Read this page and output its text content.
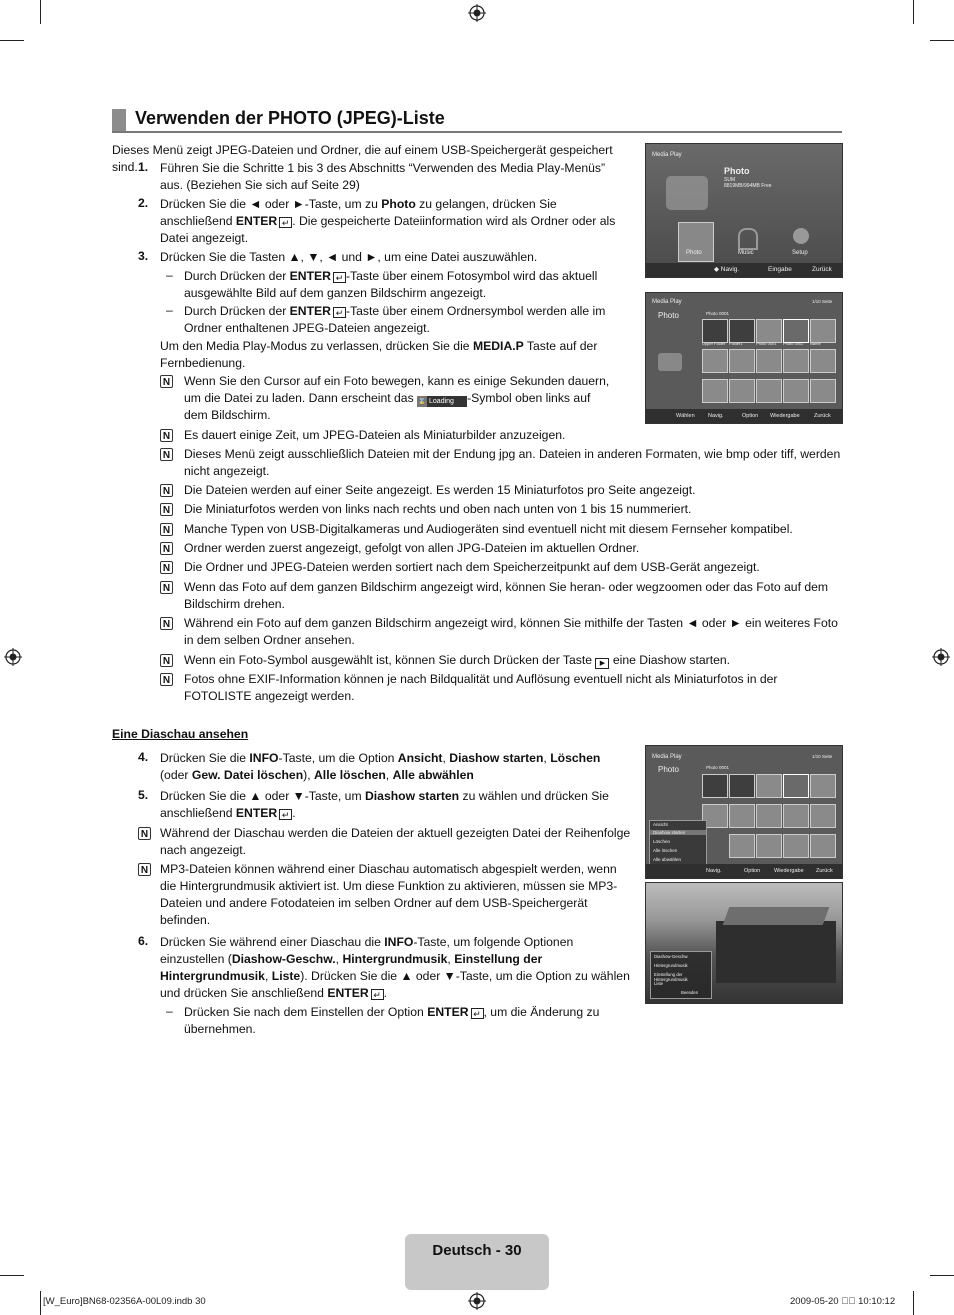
Verwenden der PHOTO (JPEG)-Liste
Dieses Menü zeigt JPEG-Dateien und Ordner, die auf einem USB-Speichergerät gespeichert sind. 1. Führen Sie die Schritte 1 bis 3 des Abschnitts “Verwenden des Media Play-Menüs” aus. (Beziehen Sie sich auf Seite 29)
2. Drücken Sie die ◄ oder ►-Taste, um zu Photo zu gelangen, drücken Sie anschließend ENTER ↵ . Die gespeicherte Dateiinformation wird als Ordner oder als Datei angezeigt.
3. Drücken Sie die Tasten ▲, ▼, ◄ und ►, um eine Datei auszuwählen.
– Durch Drücken der ENTER ↵ -Taste über einem Fotosymbol wird das aktuell ausgewählte Bild auf dem ganzen Bildschirm angezeigt.
– Durch Drücken der ENTER ↵ -Taste über einem Ordnersymbol werden alle im Ordner enthaltenen JPEG-Dateien angezeigt.
Um den Media Play-Modus zu verlassen, drücken Sie die MEDIA.P Taste auf der Fernbedienung.
N Wenn Sie den Cursor auf ein Foto bewegen, kann es einige Sekunden dauern, um die Datei zu laden. Dann erscheint das ⌛ Loading -Symbol oben links auf
dem Bildschirm.
N Es dauert einige Zeit, um JPEG-Dateien als Miniaturbilder anzuzeigen.
N Dieses Menü zeigt ausschließlich Dateien mit der Endung jpg an. Dateien in anderen Formaten, wie bmp oder tiff, werden nicht angezeigt.
N Die Dateien werden auf einer Seite angezeigt. Es werden 15 Miniaturfotos pro Seite angezeigt.
N Die Miniaturfotos werden von links nach rechts und oben nach unten von 1 bis 15 nummeriert.
N Manche Typen von USB-Digitalkameras und Audiogeräten sind eventuell nicht mit diesem Fernseher kompatibel.
N Ordner werden zuerst angezeigt, gefolgt von allen JPG-Dateien im aktuellen Ordner.
N Die Ordner und JPEG-Dateien werden sortiert nach dem Speicherzeitpunkt auf dem USB-Gerät angezeigt.
N Wenn das Foto auf dem ganzen Bildschirm angezeigt wird, können Sie heran- oder wegzoomen oder das Foto auf dem Bildschirm drehen.
N Während ein Foto auf dem ganzen Bildschirm angezeigt wird, können Sie mithilfe der Tasten ◄ oder ► ein weiteres Foto in dem selben Ordner ansehen.
N Wenn ein Foto-Symbol ausgewählt ist, können Sie durch Drücken der Taste ▶ eine Diashow starten.
N Fotos ohne EXIF-Information können je nach Bildqualität und Auflösung eventuell nicht als Miniaturfotos in der FOTOLISTE angezeigt werden.
Eine Diaschau ansehen
4. Drücken Sie die INFO-Taste, um die Option Ansicht, Diashow starten, Löschen
(oder Gew. Datei löschen), Alle löschen, Alle abwählen
5. Drücken Sie die ▲ oder ▼-Taste, um Diashow starten zu wählen und drücken Sie anschließend ENTER ↵ .
N Während der Diaschau werden die Dateien der aktuell gezeigten Datei der Reihenfolge nach angezeigt.
N MP3-Dateien können während einer Diaschau automatisch abgespielt werden, wenn die Hintergrundmusik aktiviert ist. Um diese Funktion zu aktivieren, müssen sie MP3-Dateien und andere Fotodateien im selben Ordner auf dem USB-Speichergerät befinden.
6. Drücken Sie während einer Diaschau die INFO-Taste, um folgende Optionen einzustellen (Diashow-Geschw., Hintergrundmusik, Einstellung der Hintergrundmusik, Liste). Drücken Sie die ▲ oder ▼-Taste, um die Option zu wählen und drücken Sie anschließend ENTER ↵ .
– Drücken Sie nach dem Einstellen der Option ENTER ↵ , um die Änderung zu übernehmen.
Media Play
Photo
SUM
8819MB/994MB Free
Photo	Music	Setup
◆ Navig.	Eingabe	Zurück
Media Play	1/10 Seite
Photo	Photo 0001
Upper Folder Folder1	Photo 0001 Photo 0002 Name
Wählen Navig.	Option Wiedergabe	Zurück
Media Play	1/10 Seite
Photo	Photo 0001
Ansicht
Diashow starten
Löschen
Alle löschen
Alle abwählen
Navig.	Option	Wiedergabe Zurück
Diashow-Geschw.
Hintergrundmusik
Einstellung der Hintergrundmusik
Liste
Beenden
Deutsch - 30
[W_Euro]BN68-02356A-00L09.indb 30	2009-05-20 ￿￿ 10:10:12
